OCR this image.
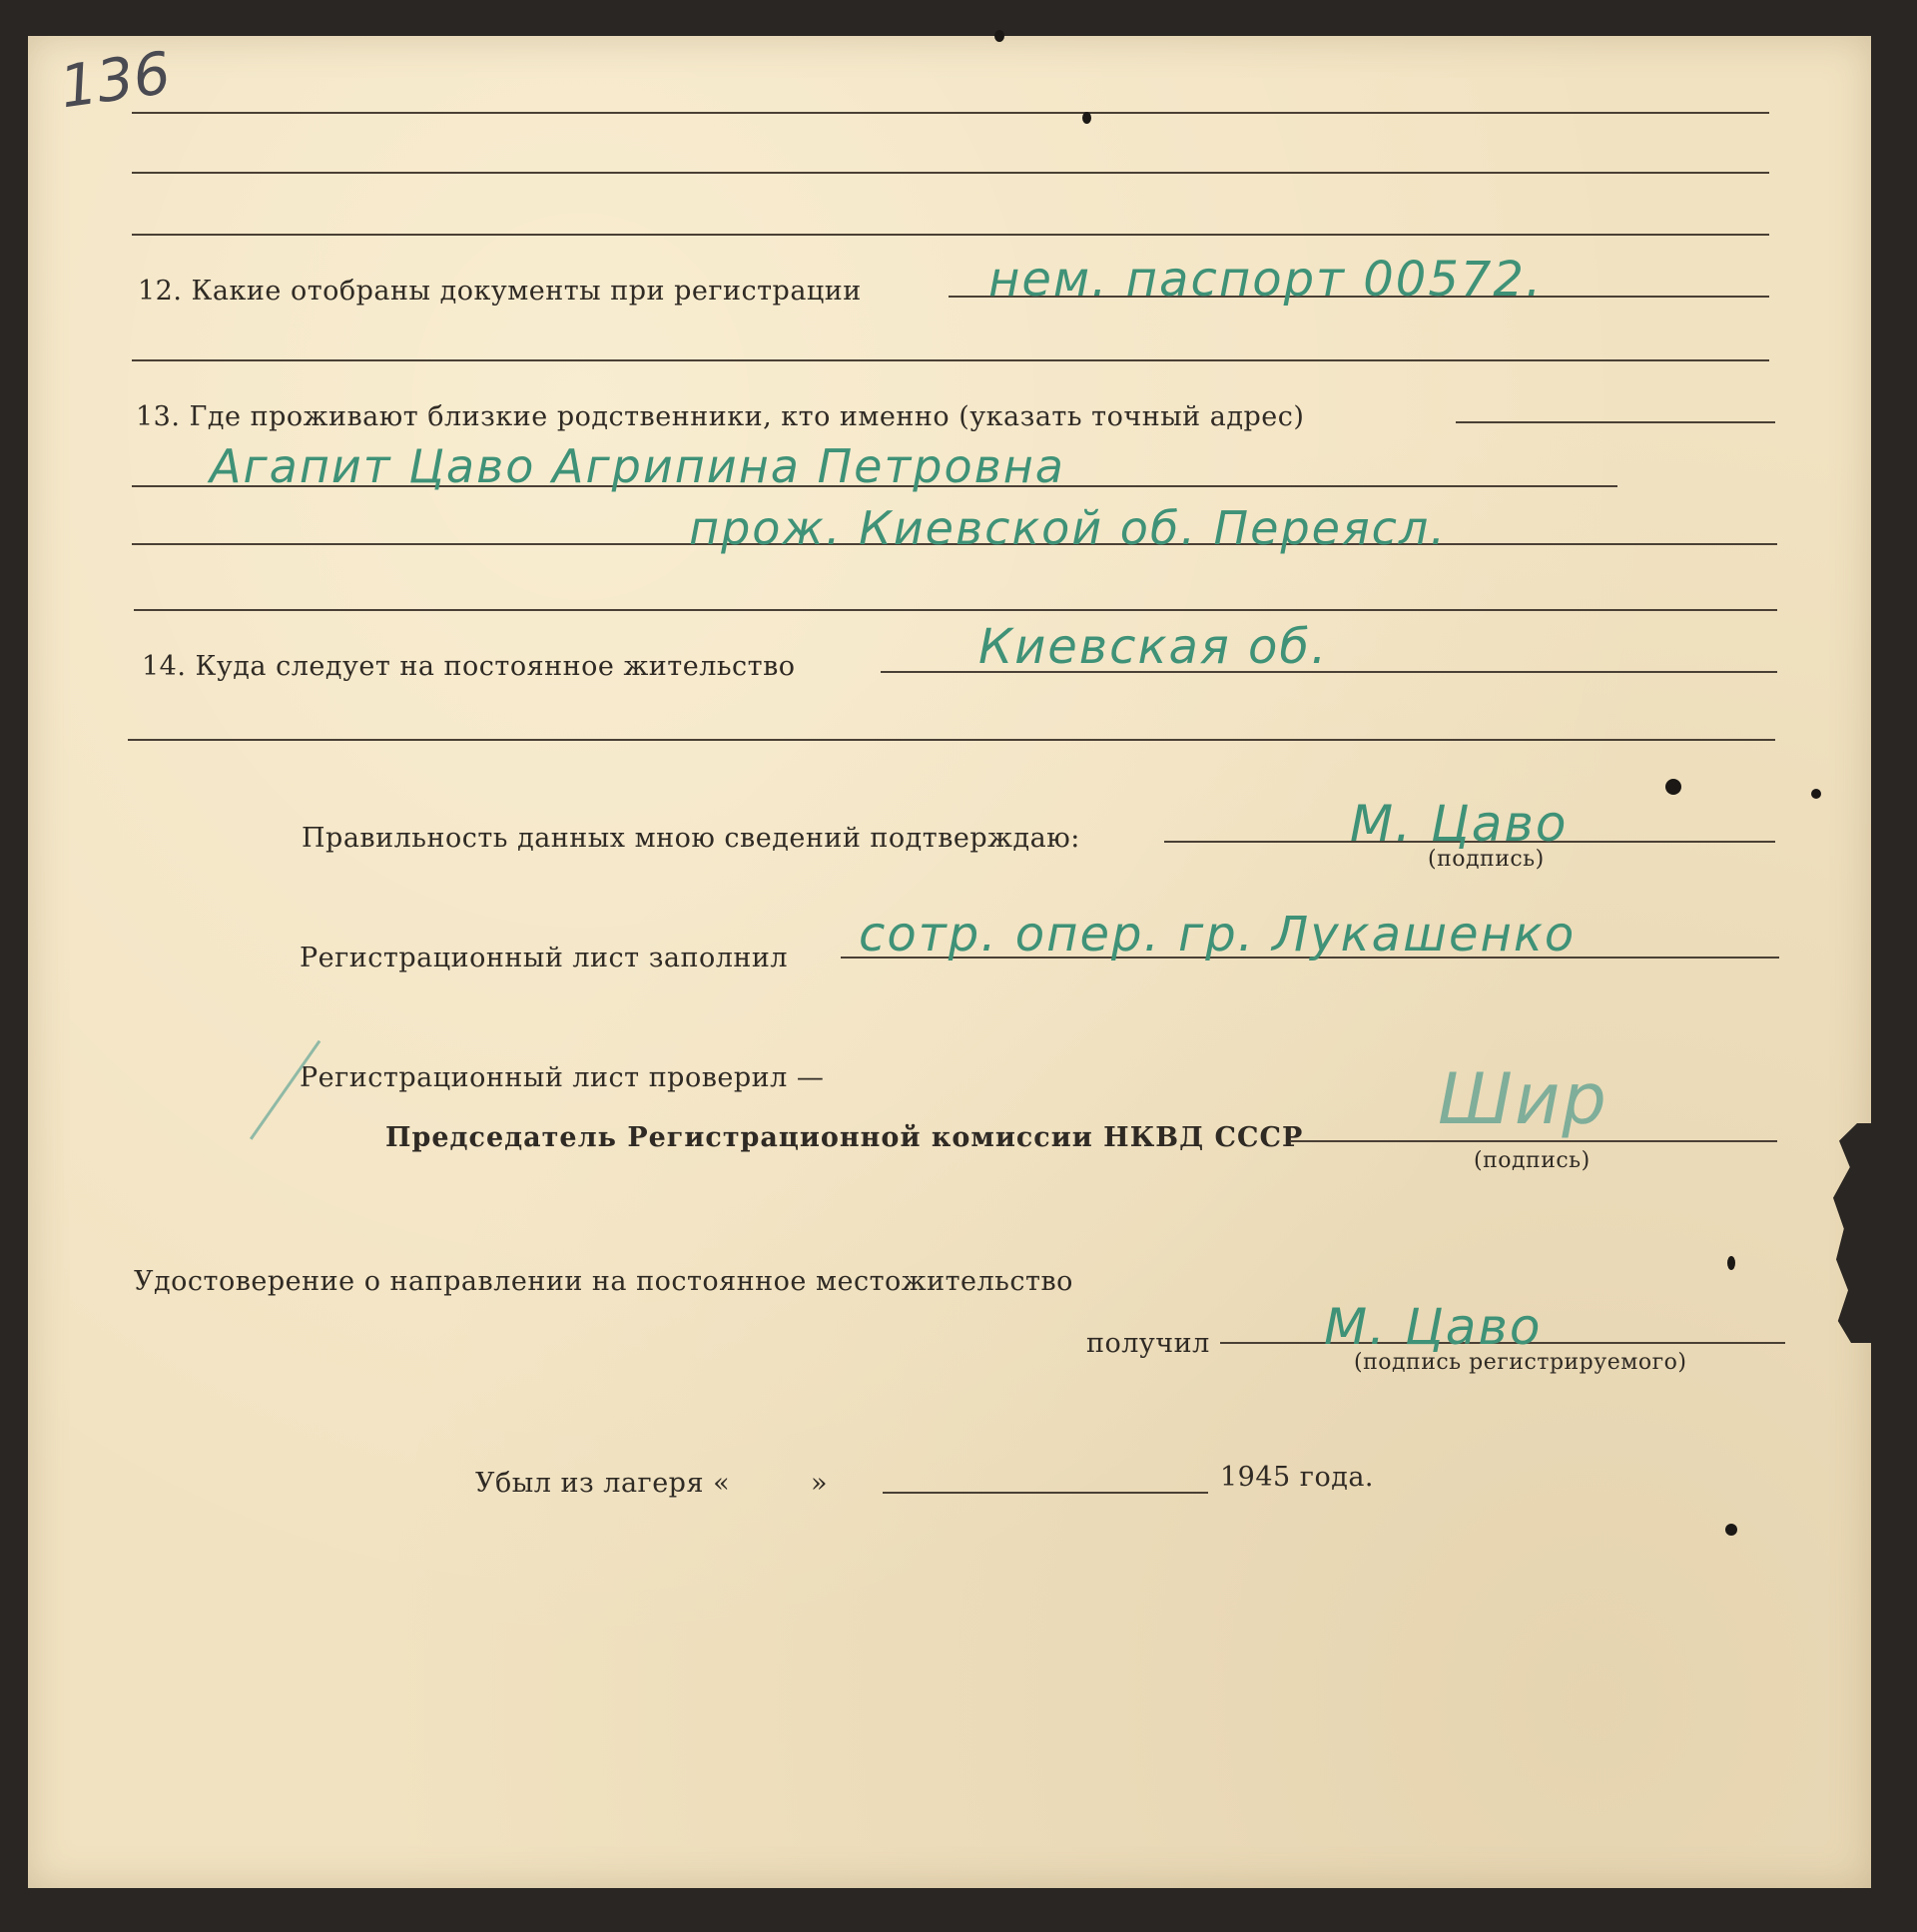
136
12. Какие отобраны документы при регистрации	нем. паспорт 00572.
13. Где проживают близкие родственники, кто именно (указать точный адрес)
Агапит Цаво Агрипина Петровна
прож. Киевской об. Переясл.
14. Куда следует на постоянное жительство	Киевская об.
Правильность данных мною сведений подтверждаю:	М. Цаво
(подпись)
Регистрационный лист заполнил сотр. опер. гр. Лукашенко
Регистрационный лист проверил —
Председатель Регистрационной комиссии НКВД СССР Шир
(подпись)
Удостоверение о направлении на постоянное местожительство
получил М. Цаво
(подпись регистрируемого)
Убыл из лагеря «	»	1945 года.
